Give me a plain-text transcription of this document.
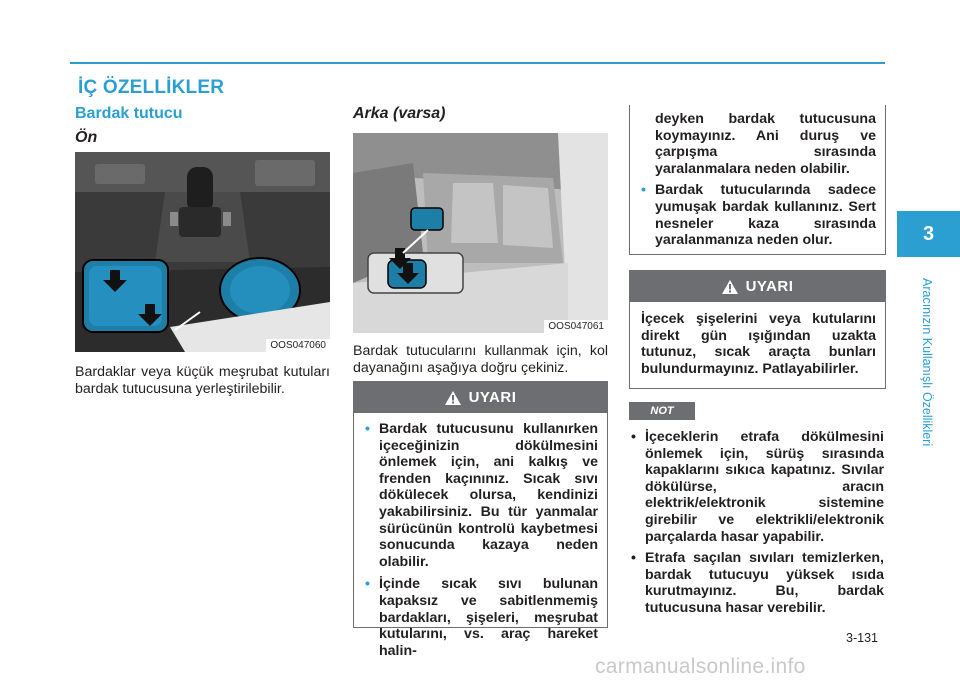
İÇ ÖZELLİKLER
Bardak tutucu
Ön
OOS047060
Bardaklar veya küçük meşrubat kutuları bardak tutucusuna yerleştirilebilir.
Arka (varsa)
OOS047061
Bardak tutucularını kullanmak için, kol dayanağını aşağıya doğru çekiniz.
UYARI
• Bardak tutucusunu kullanırken içeceğinizin dökülmesini önlemek için, ani kalkış ve frenden kaçınınız. Sıcak sıvı dökülecek olursa, kendinizi yakabilirsiniz. Bu tür yanmalar sürücünün kontrolü kaybetmesi sonucunda kazaya neden olabilir.
• İçinde sıcak sıvı bulunan kapaksız ve sabitlenmemiş bardakları, şişeleri, meşrubat kutularını, vs. araç hareket halin-
deyken bardak tutucusuna koymayınız. Ani duruş ve çarpışma sırasında yaralanmalara neden olabilir.
• Bardak tutucularında sadece yumuşak bardak kullanınız. Sert nesneler kaza sırasında yaralanmanıza neden olur.
UYARI
İçecek şişelerini veya kutularını direkt gün ışığından uzakta tutunuz, sıcak araçta bunları bulundurmayınız. Patlayabilirler.
NOT
• İçeceklerin etrafa dökülmesini önlemek için, sürüş sırasında kapaklarını sıkıca kapatınız. Sıvılar dökülürse, aracın elektrik/elektronik sistemine girebilir ve elektrikli/elektronik parçalarda hasar yapabilir.
• Etrafa saçılan sıvıları temizlerken, bardak tutucuyu yüksek ısıda kurutmayınız. Bu, bardak tutucusuna hasar verebilir.
3
Aracınızın Kullanışlı Özellikleri
3-131
carmanualsonline.info
